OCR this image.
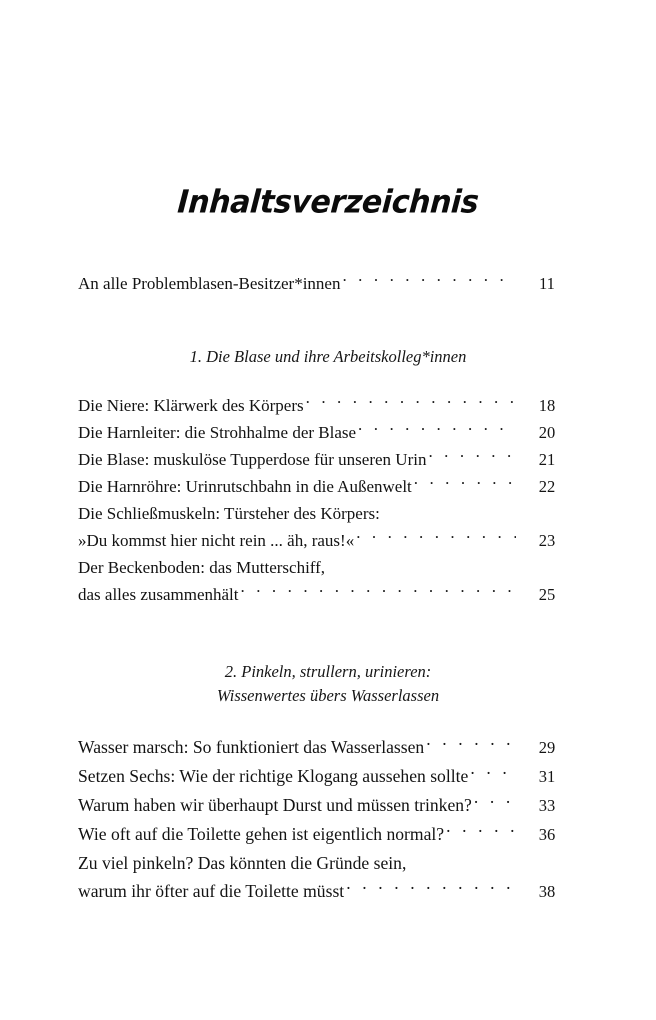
Inhaltsverzeichnis
An alle Problemblasen-Besitzer*innen . . .	11
1. Die Blase und ihre Arbeitskolleg*innen
Die Niere: Klärwerk des Körpers . . .	18
Die Harnleiter: die Strohhalme der Blase . . .	20
Die Blase: muskulöse Tupperdose für unseren Urin . . .	21
Die Harnröhre: Urinrutschbahn in die Außenwelt . . .	22
Die Schließmuskeln: Türsteher des Körpers:
»Du kommst hier nicht rein ... äh, raus!« . . .	23
Der Beckenboden: das Mutterschiff,
das alles zusammenhält . . .	25
2. Pinkeln, strullern, urinieren:
Wissenwertes übers Wasserlassen
Wasser marsch: So funktioniert das Wasserlassen . . .	29
Setzen Sechs: Wie der richtige Klogang aussehen sollte . . .	31
Warum haben wir überhaupt Durst und müssen trinken? . . .	33
Wie oft auf die Toilette gehen ist eigentlich normal? . . .	36
Zu viel pinkeln? Das könnten die Gründe sein,
warum ihr öfter auf die Toilette müsst . . .	38
